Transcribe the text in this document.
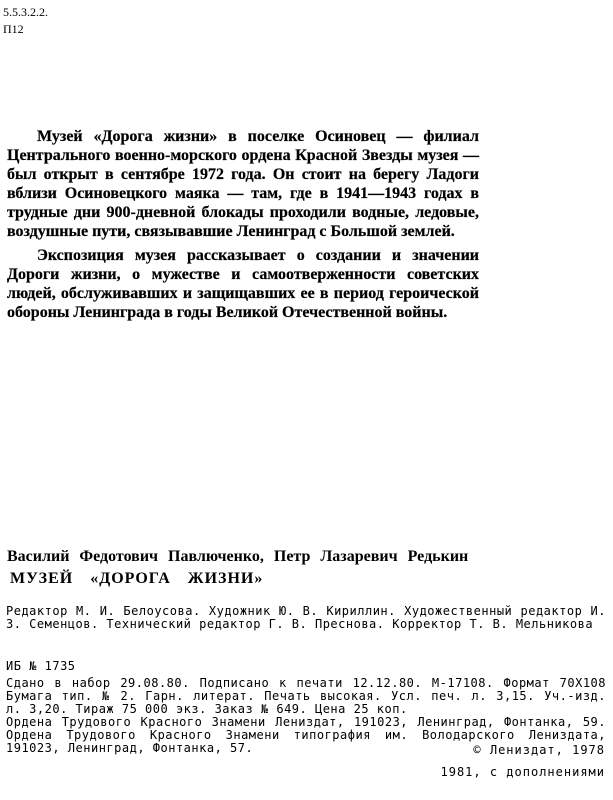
5.5.3.2.2.
П12

Музей «Дорога жизни» в поселке Осиновец — филиал Центрального военно-морского ордена Красной Звезды музея — был открыт в сентябре 1972 года. Он стоит на берегу Ладоги вблизи Осиновецкого маяка — там, где в 1941—1943 годах в трудные дни 900-дневной блокады проходили водные, ледовые, воздушные пути, связывавшие Ленинград с Большой землей.

Экспозиция музея рассказывает о создании и значении Дороги жизни, о мужестве и самоотверженности советских людей, обслуживавших и защищавших ее в период героической обороны Ленинграда в годы Великой Отечественной войны.

Василий Федотович Павлюченко, Петр Лазаревич Редькин
МУЗЕЙ «ДОРОГА ЖИЗНИ»

Редактор М. И. Белоусова. Художник Ю. В. Кириллин. Художественный редактор И. З. Семенцов. Технический редактор Г. В. Преснова. Корректор Т. В. Мельникова

ИБ № 1735

Сдано в набор 29.08.80. Подписано к печати 12.12.80. М-17108. Формат 70Х108 Бумага тип. № 2. Гарн. литерат. Печать высокая. Усл. печ. л. 3,15. Уч.-изд. л. 3,20. Тираж 75 000 экз. Заказ № 649. Цена 25 коп.

Ордена Трудового Красного Знамени Лениздат, 191023, Ленинград, Фонтанка, 59. Ордена Трудового Красного Знамени типография им. Володарского Лениздата, 191023, Ленинград, Фонтанка, 57.	© Лениздат, 1978
1981, с дополнениями
